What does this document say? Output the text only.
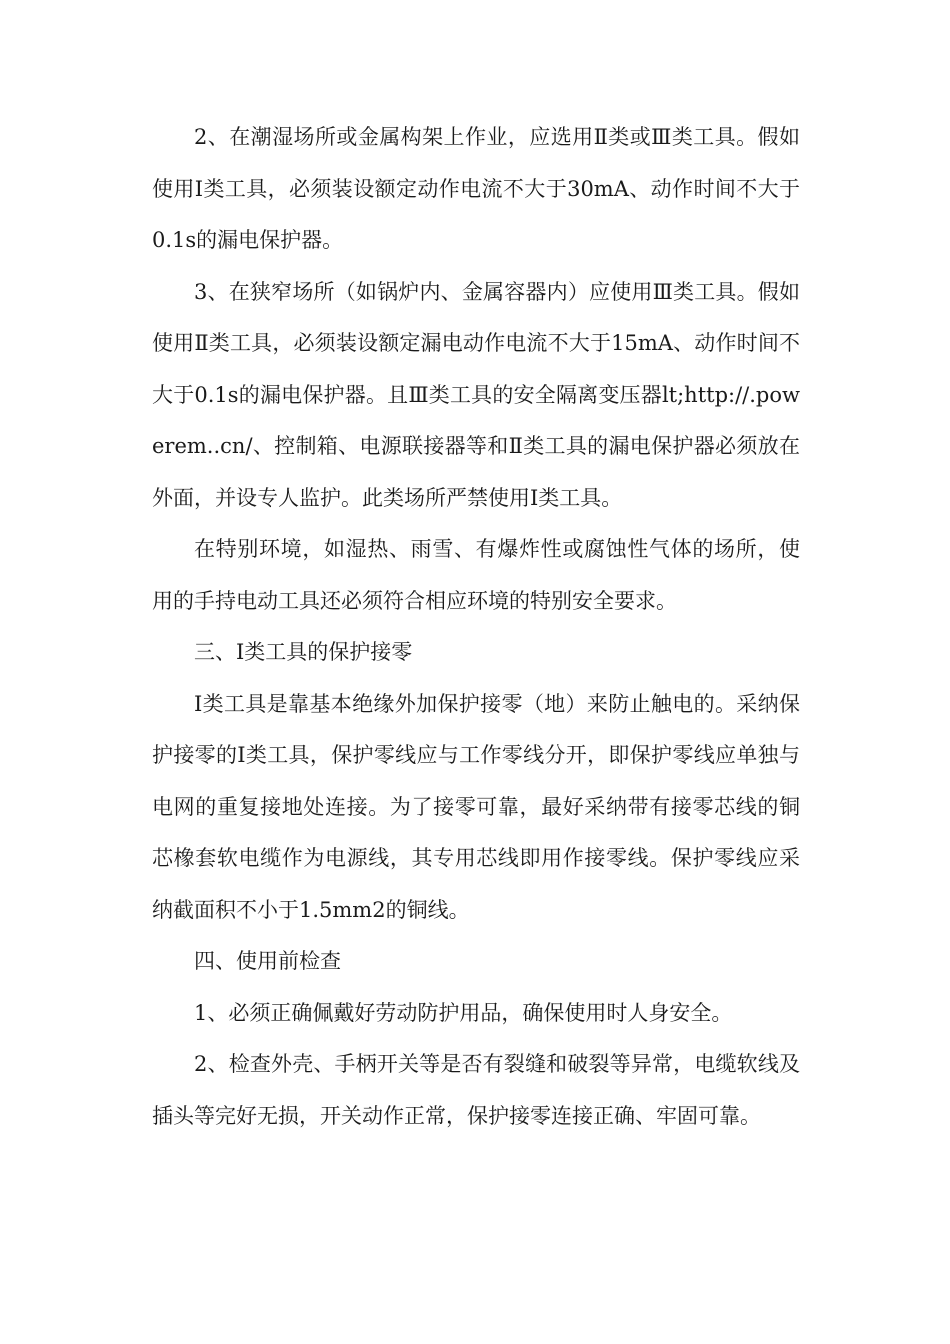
2、在潮湿场所或金属构架上作业，应选用Ⅱ类或Ⅲ类工具。假如使用Ⅰ类工具，必须装设额定动作电流不大于30mA、动作时间不大于0.1s的漏电保护器。

3、在狭窄场所（如锅炉内、金属容器内）应使用Ⅲ类工具。假如使用Ⅱ类工具，必须装设额定漏电动作电流不大于15mA、动作时间不大于0.1s的漏电保护器。且Ⅲ类工具的安全隔离变压器lt;http://.powerem..cn/、控制箱、电源联接器等和Ⅱ类工具的漏电保护器必须放在外面，并设专人监护。此类场所严禁使用Ⅰ类工具。

在特别环境，如湿热、雨雪、有爆炸性或腐蚀性气体的场所，使用的手持电动工具还必须符合相应环境的特别安全要求。

三、Ⅰ类工具的保护接零

Ⅰ类工具是靠基本绝缘外加保护接零（地）来防止触电的。采纳保护接零的Ⅰ类工具，保护零线应与工作零线分开，即保护零线应单独与电网的重复接地处连接。为了接零可靠，最好采纳带有接零芯线的铜芯橡套软电缆作为电源线，其专用芯线即用作接零线。保护零线应采纳截面积不小于1.5mm2的铜线。

四、使用前检查

1、必须正确佩戴好劳动防护用品，确保使用时人身安全。

2、检查外壳、手柄开关等是否有裂缝和破裂等异常，电缆软线及插头等完好无损，开关动作正常，保护接零连接正确、牢固可靠。
